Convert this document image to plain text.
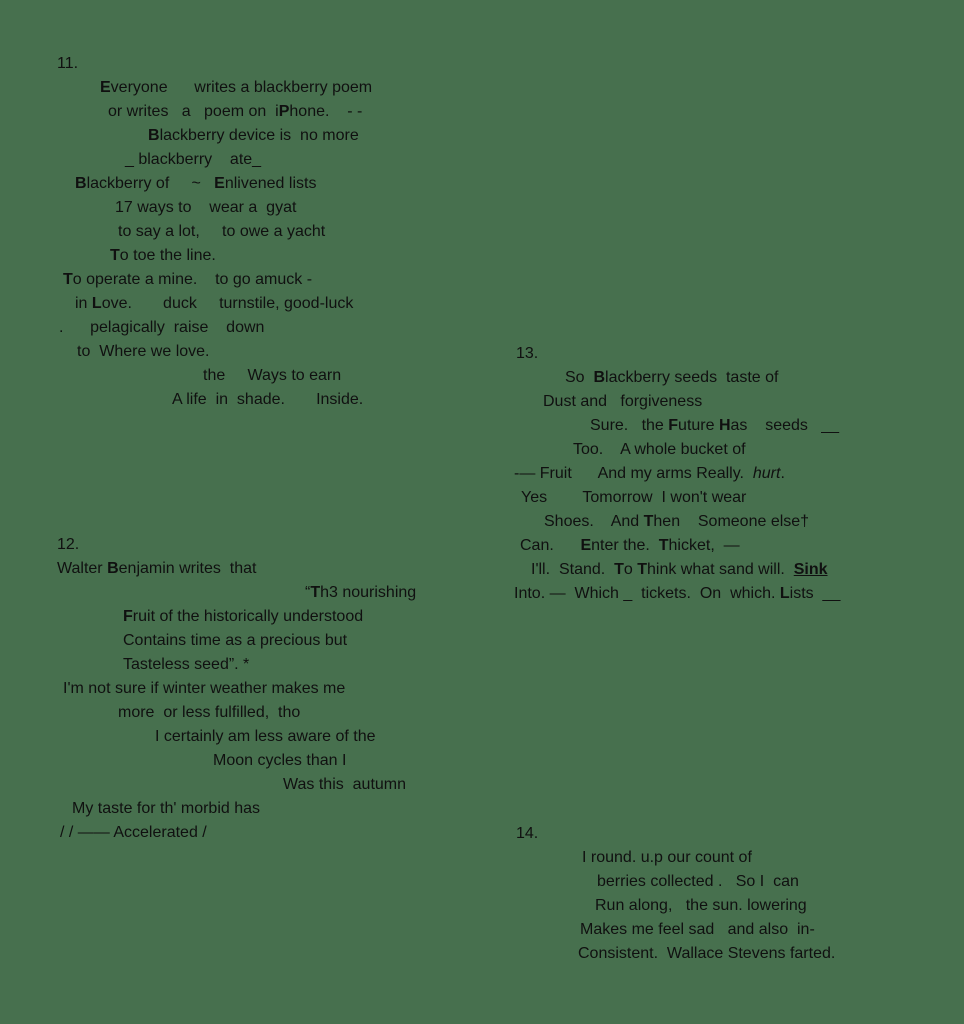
11.
Everyone      writes a blackberry poem
or writes   a   poem on  iPhone.    - -
Blackberry device is  no more
_ blackberry    ate_
Blackberry of     ~   Enlivened lists
17 ways to    wear a  gyat
to say a lot,     to owe a yacht
To toe the line.
To operate a mine.    to go amuck -
in Love.       duck     turnstile, good-luck
.      pelagically  raise    down
to  Where we love.
the     Ways to earn
A life  in  shade.       Inside.
12.
Walter Benjamin writes  that
“Th3 nourishing
Fruit of the historically understood
Contains time as a precious but
Tasteless seed”. *
I'm not sure if winter weather makes me
more  or less fulfilled,  tho
I certainly am less aware of the
Moon cycles than I
Was this  autumn
My taste for th' morbid has
/ / —— Accelerated /
13.
So  Blackberry seeds  taste of
Dust and   forgiveness
Sure.   the Future Has    seeds   __
Too.    A whole bucket of
-— Fruit      And my arms Really.  hurt.
Yes        Tomorrow  I won't wear
Shoes.    And Then    Someone else†
Can.      Enter the.  Thicket,  —
I'll.  Stand.  To Think what sand will.  Sink
Into. —  Which _  tickets.  On  which. Lists  __
14.
I round. u.p our count of
berries collected .   So I  can
Run along,   the sun. lowering
Makes me feel sad   and also  in-
Consistent.  Wallace Stevens farted.
